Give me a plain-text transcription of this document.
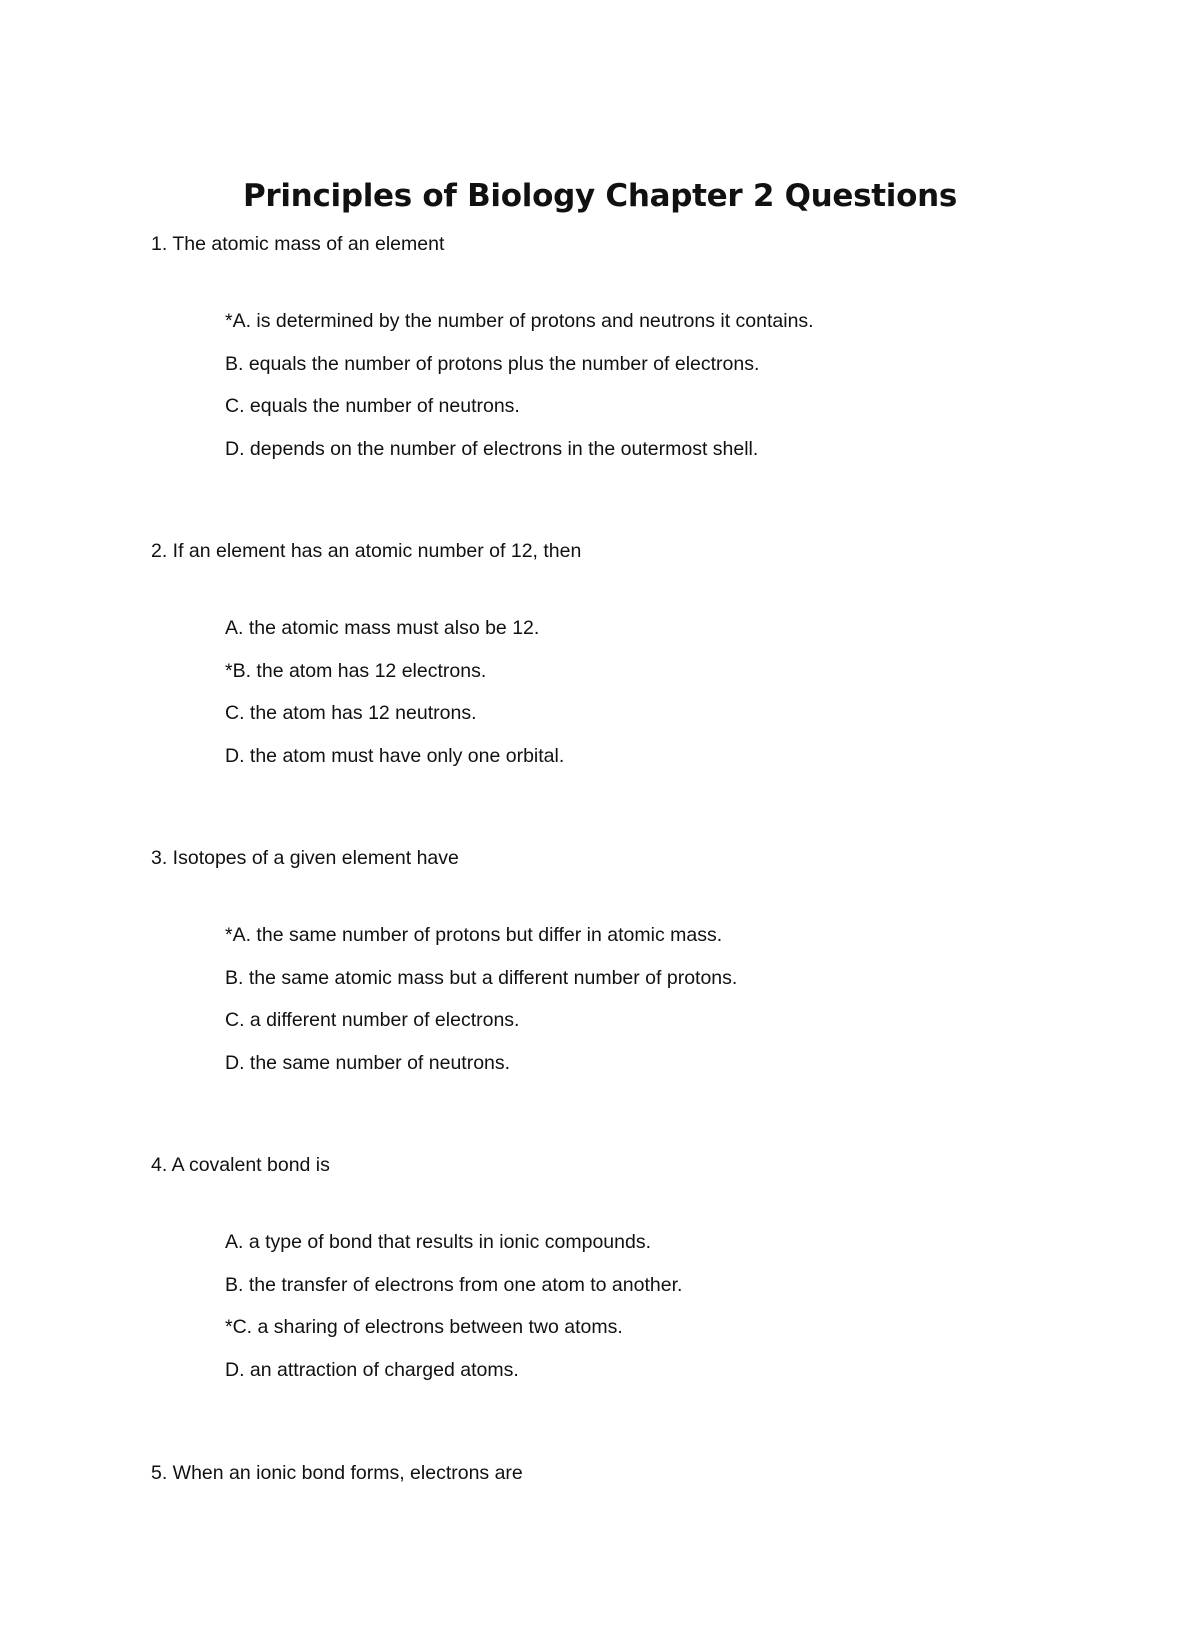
Principles of Biology Chapter 2 Questions

1. The atomic mass of an element

*A. is determined by the number of protons and neutrons it contains.
B. equals the number of protons plus the number of electrons.
C. equals the number of neutrons.
D. depends on the number of electrons in the outermost shell.

2. If an element has an atomic number of 12, then

A. the atomic mass must also be 12.
*B. the atom has 12 electrons.
C. the atom has 12 neutrons.
D. the atom must have only one orbital.

3. Isotopes of a given element have

*A. the same number of protons but differ in atomic mass.
B. the same atomic mass but a different number of protons.
C. a different number of electrons.
D. the same number of neutrons.

4. A covalent bond is

A. a type of bond that results in ionic compounds.
B. the transfer of electrons from one atom to another.
*C. a sharing of electrons between two atoms.
D. an attraction of charged atoms.

5. When an ionic bond forms, electrons are
